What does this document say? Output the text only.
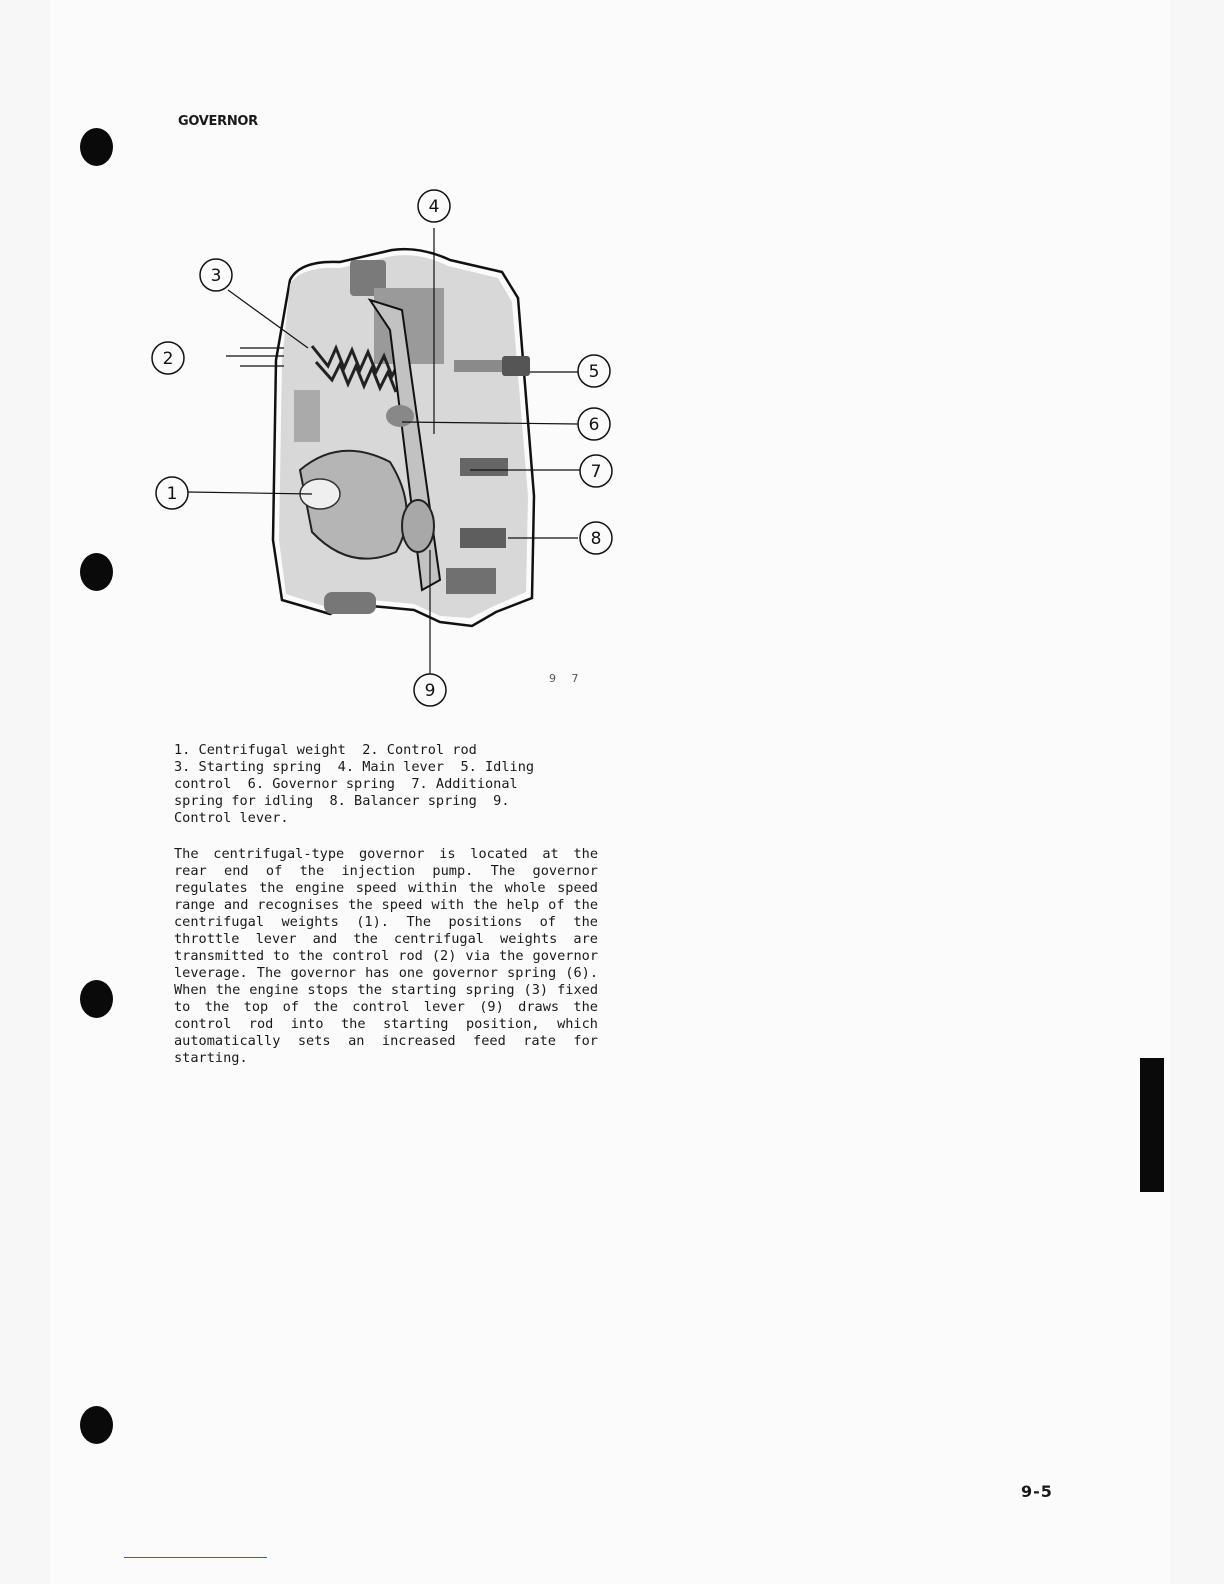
GOVERNOR
1
2
3
4
5
6
7
8
9
9 7

1. Centrifugal weight  2. Control rod
3. Starting spring  4. Main lever  5. Idling
control  6. Governor spring  7. Additional
spring for idling  8. Balancer spring  9.
Control lever.

The centrifugal-type governor is located at the rear end of the injection pump. The governor regulates the engine speed within the whole speed range and recognises the speed with the help of the centrifugal weights (1). The positions of the throttle lever and the centrifugal weights are transmitted to the control rod (2) via the governor leverage. The governor has one governor spring (6). When the engine stops the starting spring (3) fixed to the top of the control lever (9) draws the control rod into the starting position, which automatically sets an increased feed rate for starting.

9-5
